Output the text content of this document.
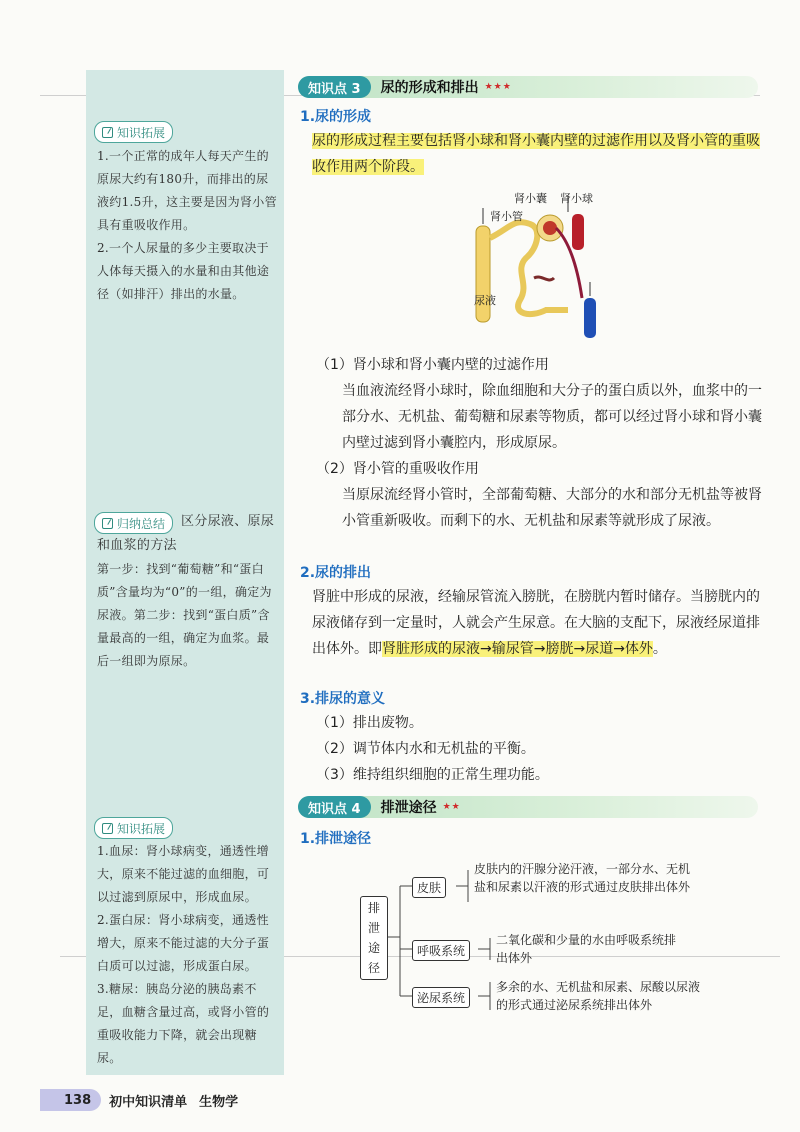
知识拓展

1.一个正常的成年人每天产生的原尿大约有180升，而排出的尿液约1.5升，这主要是因为肾小管具有重吸收作用。

2.一个人尿量的多少主要取决于人体每天摄入的水量和由其他途径（如排汗）排出的水量。

归纳总结	区分尿液、原尿和血浆的方法
第一步：找到“葡萄糖”和“蛋白质”含量均为“0”的一组，确定为尿液。第二步：找到“蛋白质”含量最高的一组，确定为血浆。最后一组即为原尿。
知识拓展

1.血尿：肾小球病变，通透性增大，原来不能过滤的血细胞，可以过滤到原尿中，形成血尿。

2.蛋白尿：肾小球病变，通透性增大，原来不能过滤的大分子蛋白质可以过滤，形成蛋白尿。

3.糖尿：胰岛分泌的胰岛素不足，血糖含量过高，或肾小管的重吸收能力下降，就会出现糖尿。

知识点 3	尿的形成和排出 ★★★
1.尿的形成
尿的形成过程主要包括肾小球和肾小囊内壁的过滤作用以及肾小管的重吸收作用两个阶段。
肾小囊 肾小球
肾小管
尿液
（1）肾小球和肾小囊内壁的过滤作用
当血液流经肾小球时，除血细胞和大分子的蛋白质以外，血浆中的一部分水、无机盐、葡萄糖和尿素等物质，都可以经过肾小球和肾小囊内壁过滤到肾小囊腔内，形成原尿。
（2）肾小管的重吸收作用
当原尿流经肾小管时，全部葡萄糖、大部分的水和部分无机盐等被肾小管重新吸收。而剩下的水、无机盐和尿素等就形成了尿液。
2.尿的排出
肾脏中形成的尿液，经输尿管流入膀胱，在膀胱内暂时储存。当膀胱内的尿液储存到一定量时，人就会产生尿意。在大脑的支配下，尿液经尿道排出体外。即肾脏形成的尿液→输尿管→膀胱→尿道→体外。
3.排尿的意义
（1）排出废物。
（2）调节体内水和无机盐的平衡。
（3）维持组织细胞的正常生理功能。
知识点 4	排泄途径 ★★
1.排泄途径
排
泄
途
径
皮肤
皮肤内的汗腺分泌汗液，一部分水、无机盐和尿素以汗液的形式通过皮肤排出体外
呼吸系统
二氧化碳和少量的水由呼吸系统排出体外
泌尿系统
多余的水、无机盐和尿素、尿酸以尿液的形式通过泌尿系统排出体外
138	初中知识清单 生物学
